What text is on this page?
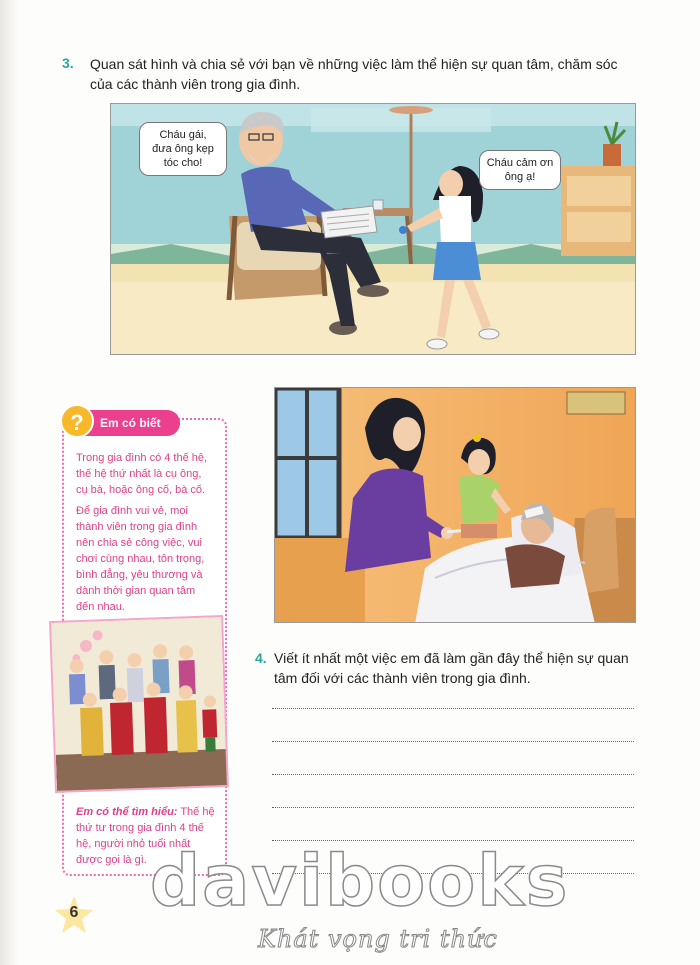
3. Quan sát hình và chia sẻ với bạn về những việc làm thể hiện sự quan tâm, chăm sóc
của các thành viên trong gia đình.
Cháu gái,
đưa ông kẹp
tóc cho!	Cháu cảm ơn
ông ạ!
Em có biết
?
Trong gia đình có 4 thế hệ,
thế hệ thứ nhất là cụ ông,
cụ bà, hoặc ông cố, bà cố.
Để gia đình vui vẻ, mọi
thành viên trong gia đình
nên chia sẻ công việc, vui
chơi cùng nhau, tôn trọng,
bình đẳng, yêu thương và
dành thời gian quan tâm
đến nhau.
Em có thể tìm hiểu: Thế hệ
thứ tư trong gia đình 4 thế
hệ, người nhỏ tuổi nhất
được gọi là gì.
4. Viết ít nhất một việc em đã làm gần đây thể hiện sự quan
tâm đối với các thành viên trong gia đình.
6 davibooks
Khát vọng tri thức
